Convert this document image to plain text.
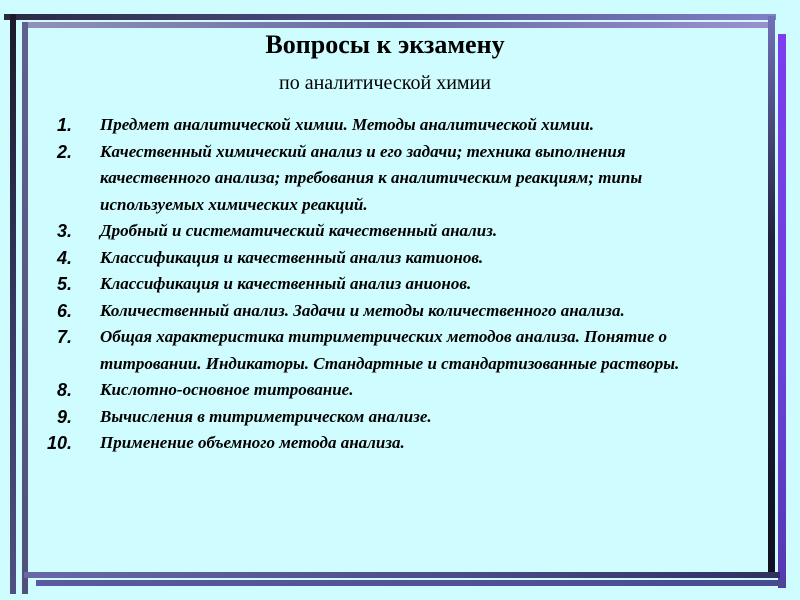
Вопросы к экзамену

по аналитической химии

1. Предмет аналитической химии. Методы аналитической химии.
2. Качественный химический анализ и его задачи; техника выполнения качественного анализа; требования к аналитическим реакциям; типы используемых химических реакций.
3. Дробный и систематический качественный анализ.
4. Классификация и качественный анализ катионов.
5. Классификация и качественный анализ анионов.
6. Количественный анализ. Задачи и методы количественного анализа.
7. Общая характеристика титриметрических методов анализа. Понятие о титровании. Индикаторы. Стандартные и стандартизованные растворы.
8. Кислотно-основное титрование.
9. Вычисления в титриметрическом анализе.
10. Применение объемного метода анализа.
